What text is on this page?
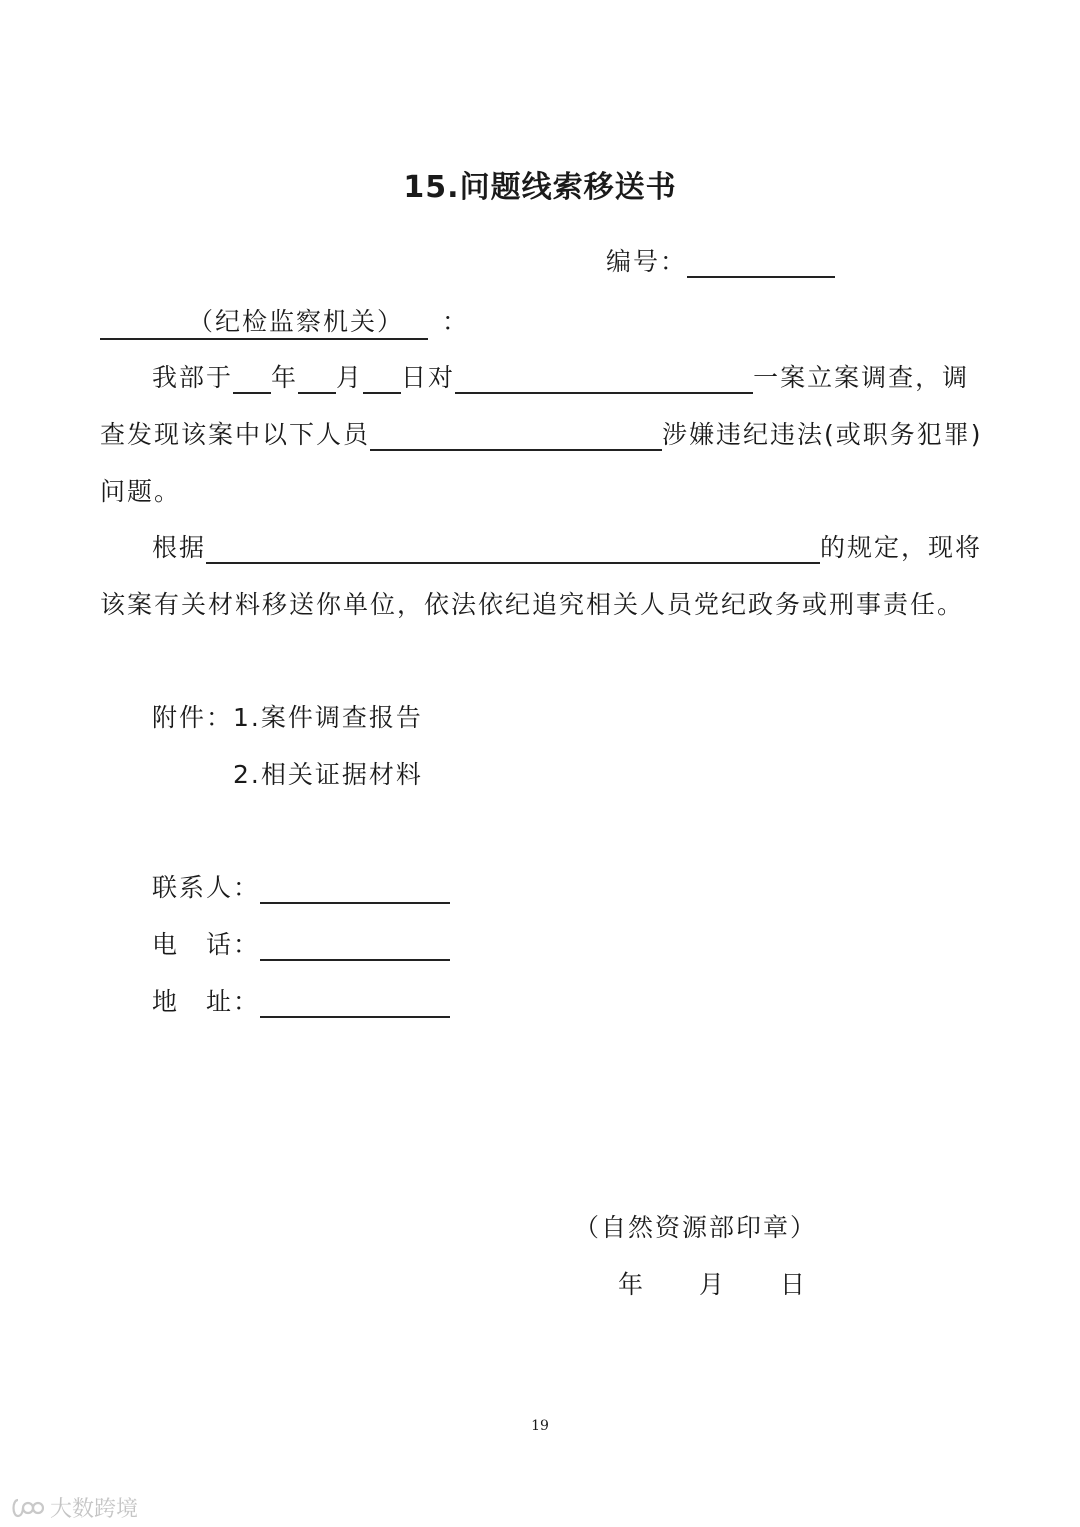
15.问题线索移送书
编号：
（纪检监察机关） ：
我部于 年 月 日对	一案立案调查，调
查发现该案中以下人员	涉嫌违纪违法(或职务犯罪)
问题。
根据	的规定，现将
该案有关材料移送你单位，依法依纪追究相关人员党纪政务或刑事责任。
附件：1.案件调查报告
2.相关证据材料
联系人：
电　话：
地　址：
（自然资源部印章）
年　　月　　日
19
大数跨境
